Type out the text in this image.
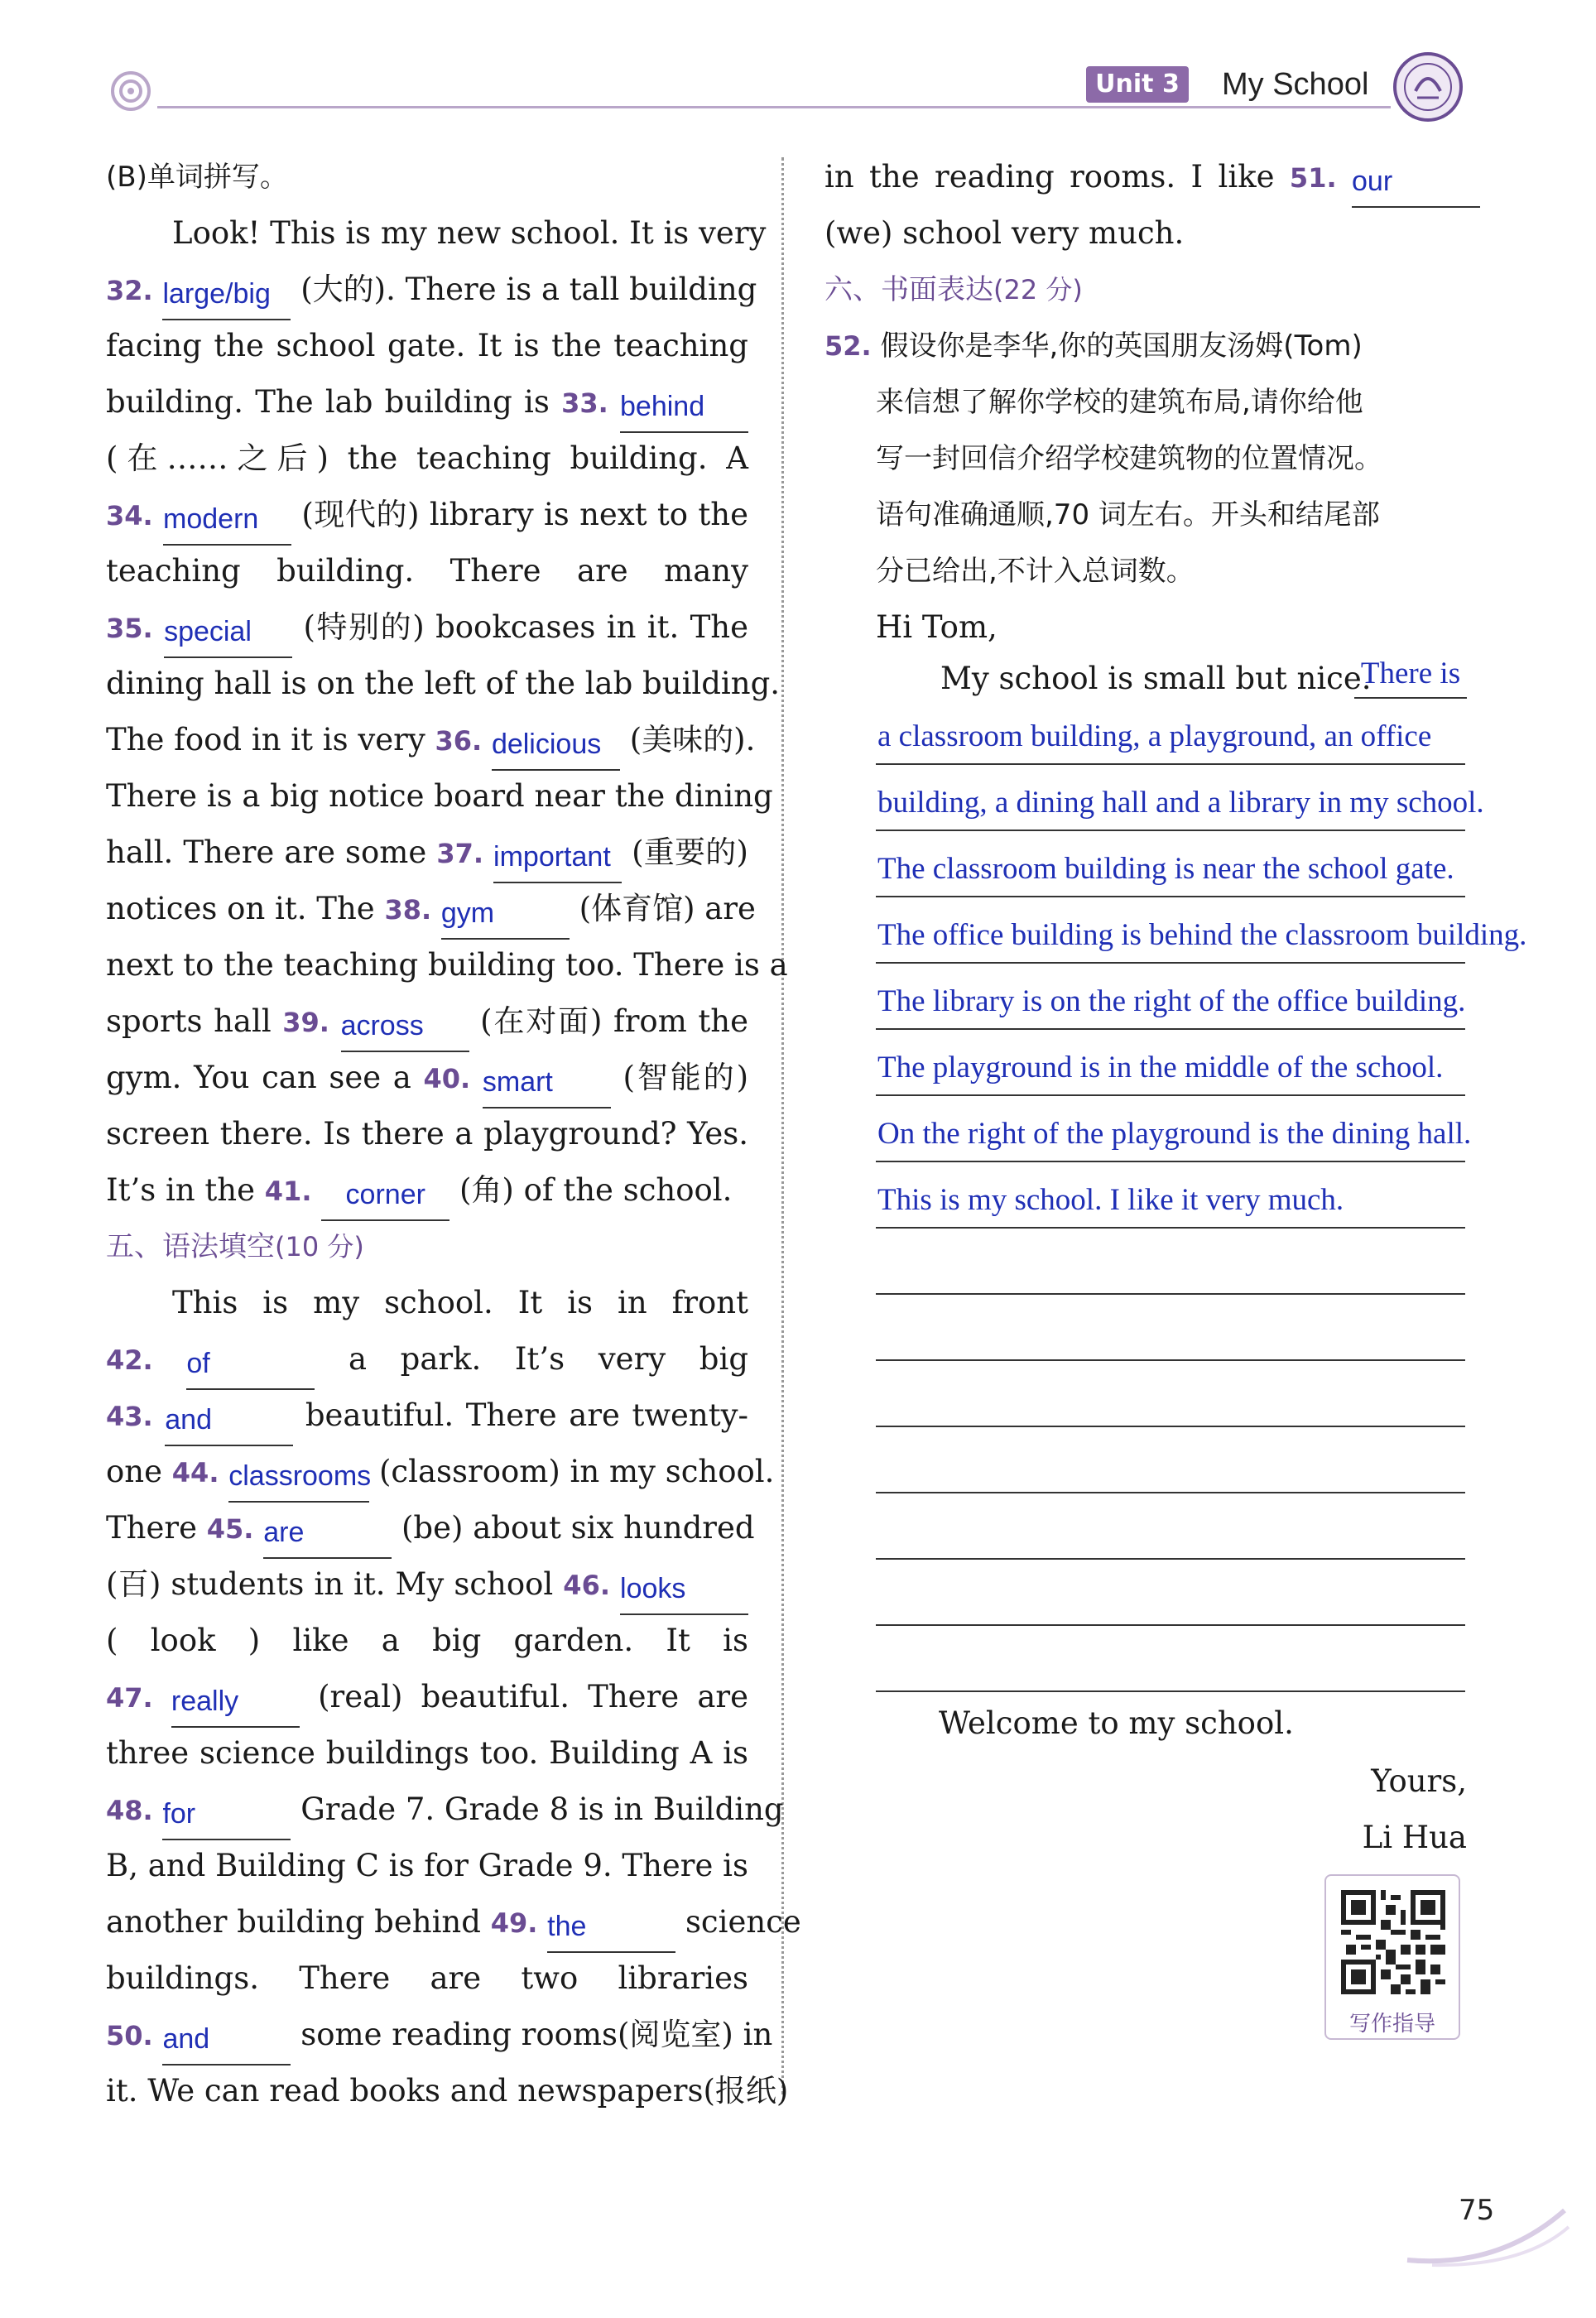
Unit 3 My School
(B)单词拼写。
Look! This is my new school. It is very
32. large/big (大的). There is a tall building
facing the school gate. It is the teaching
building. The lab building is 33. behind
(在……之后) the teaching building. A
34. modern (现代的) library is next to the
teaching building. There are many
35. special (特别的) bookcases in it. The
dining hall is on the left of the lab building.
The food in it is very 36. delicious (美味的).
There is a big notice board near the dining
hall. There are some 37. important (重要的)
notices on it. The 38. gym	(体育馆) are
next to the teaching building too. There is a
sports hall 39. across (在对面) from the
gym. You can see a 40. smart (智能的)
screen there. Is there a playground? Yes.
It’s in the 41. corner (角) of the school.
五、语法填空(10 分)
This is my school. It is in front
42. of	a park. It’s very big
43. and	beautiful. There are twenty-
one 44. classrooms (classroom) in my school.
There 45. are	(be) about six hundred
(百) students in it. My school 46. looks
( look ) like a big garden. It is
47. really	(real) beautiful. There are
three science buildings too. Building A is
48. for	Grade 7. Grade 8 is in Building
B, and Building C is for Grade 9. There is
another building behind 49. the	science
buildings. There are two libraries
50. and	some reading rooms(阅览室) in
it. We can read books and newspapers(报纸)
in the reading rooms. I like 51. our
(we) school very much.
六、书面表达(22 分)
52. 假设你是李华,你的英国朋友汤姆(Tom)
来信想了解你学校的建筑布局,请你给他
写一封回信介绍学校建筑物的位置情况。
语句准确通顺,70 词左右。开头和结尾部
分已给出,不计入总词数。
Hi Tom,
My school is small but nice.
There is
a classroom building, a playground, an office
building, a dining hall and a library in my school.
The classroom building is near the school gate.
The office building is behind the classroom building.
The library is on the right of the office building.
The playground is in the middle of the school.
On the right of the playground is the dining hall.
This is my school. I like it very much.
Welcome to my school.
Yours,
Li Hua
写作指导
75
